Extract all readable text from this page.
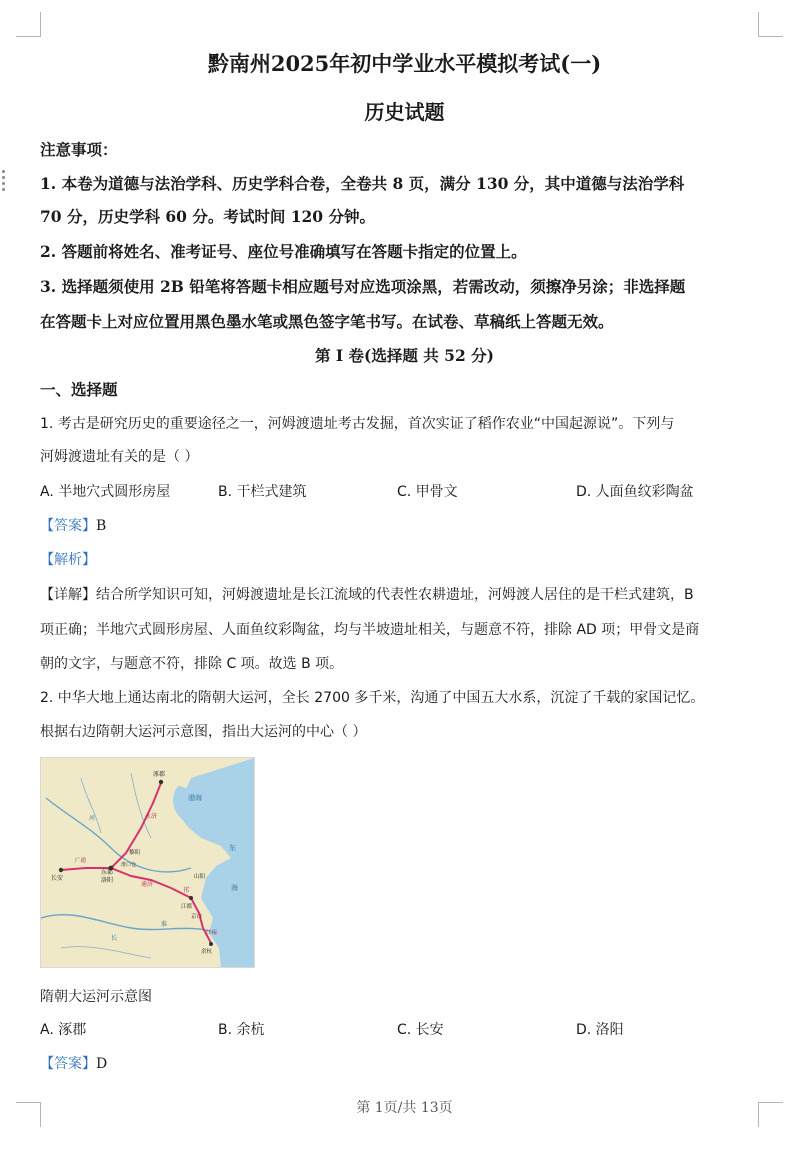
黔南州2025年初中学业水平模拟考试(一)
历史试题
注意事项：
1. 本卷为道德与法治学科、历史学科合卷，全卷共 8 页，满分 130 分，其中道德与法治学科
70 分，历史学科 60 分。考试时间 120 分钟。
2. 答题前将姓名、准考证号、座位号准确填写在答题卡指定的位置上。
3. 选择题须使用 2B 铅笔将答题卡相应题号对应选项涂黑，若需改动，须擦净另涂；非选择题
在答题卡上对应位置用黑色墨水笔或黑色签字笔书写。在试卷、草稿纸上答题无效。
第 I 卷(选择题 共 52 分)
一、选择题
1. 考古是研究历史的重要途径之一，河姆渡遗址考古发掘，首次实证了稻作农业“中国起源说”。下列与
河姆渡遗址有关的是（ ）
A. 半地穴式圆形房屋	B. 干栏式建筑	C. 甲骨文	D. 人面鱼纹彩陶盆
【答案】B
【解析】
【详解】结合所学知识可知，河姆渡遗址是长江流域的代表性农耕遗址，河姆渡人居住的是干栏式建筑，B
项正确；半地穴式圆形房屋、人面鱼纹彩陶盆，均与半坡遗址相关，与题意不符，排除 AD 项；甲骨文是商
朝的文字，与题意不符，排除 C 项。故选 B 项。
2. 中华大地上通达南北的隋朝大运河，全长 2700 多千米，沟通了中国五大水系，沉淀了千载的家国记忆。
根据右边隋朝大运河示意图，指出大运河的中心（ ）
涿郡
渤海
东
海
长安
东都
洛阳
黎阳
淮口仓
山阳
江都
京口
余杭
永济
通济
邗
江南
广通
河
淮
长
隋朝大运河示意图
A. 涿郡	B. 余杭	C. 长安	D. 洛阳
【答案】D
第 1页/共 13页
